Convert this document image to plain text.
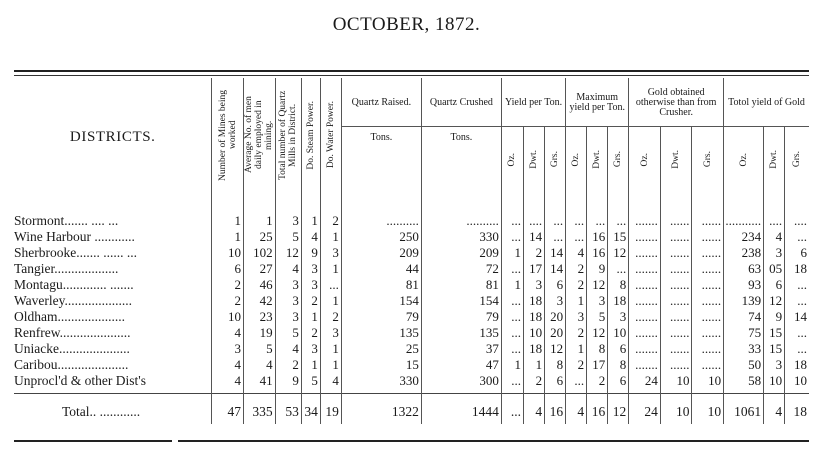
OCTOBER, 1872.
DISTRICTS.	Number of Mines being worked	Average No. of men daily employed in mining.	Total number of Quartz Mills in District.	Do. Steam Power.	Do. Water Power.	Quartz Raised.	Quartz Crushed	Yield per Ton.			Maximum yield per Ton.			Gold obtained otherwise than from Crusher.			Totol yield of Gold		
						Tons.	Tons.	Oz.	Dwt.	Grs.	Oz.	Dwt.	Grs.	Oz.	Dwt.	Grs.	Oz.	Dwt.	Grs.

Stormont....... .... ...	1	1	3	1	2	..........	..........	...	....	...	...	...	...	.......	......	......	...........	....	....
Wine Harbour ............	1	25	5	4	1	250	330	...	14	...	...	16	15	.......	......	......	234	4	...
Sherbrooke....... ...... ...	10	102	12	9	3	209	209	1	2	14	4	16	12	.......	......	......	238	3	6
Tangier...................	6	27	4	3	1	44	72	...	17	14	2	9	...	.......	......	......	63	05	18
Montagu............. .......	2	46	3	3	...	81	81	1	3	6	2	12	8	.......	......	......	93	6	...
Waverley....................	2	42	3	2	1	154	154	...	18	3	1	3	18	.......	......	......	139	12	...
Oldham....................	10	23	3	1	2	79	79	...	18	20	3	5	3	.......	......	......	74	9	14
Renfrew.....................	4	19	5	2	3	135	135	...	10	20	2	12	10	.......	......	......	75	15	...
Uniacke.....................	3	5	4	3	1	25	37	...	18	12	1	8	6	.......	......	......	33	15	...
Caribou.....................	4	4	2	1	1	15	47	1	1	8	2	17	8	.......	......	......	50	3	18
Unprocl'd & other Dist's	4	41	9	5	4	330	300	...	2	6	...	2	6	24	10	10	58	10	10

Total.. ............	47	335	53	34	19	1322	1444	...	4	16	4	16	12	24	10	10	1061	4	18
